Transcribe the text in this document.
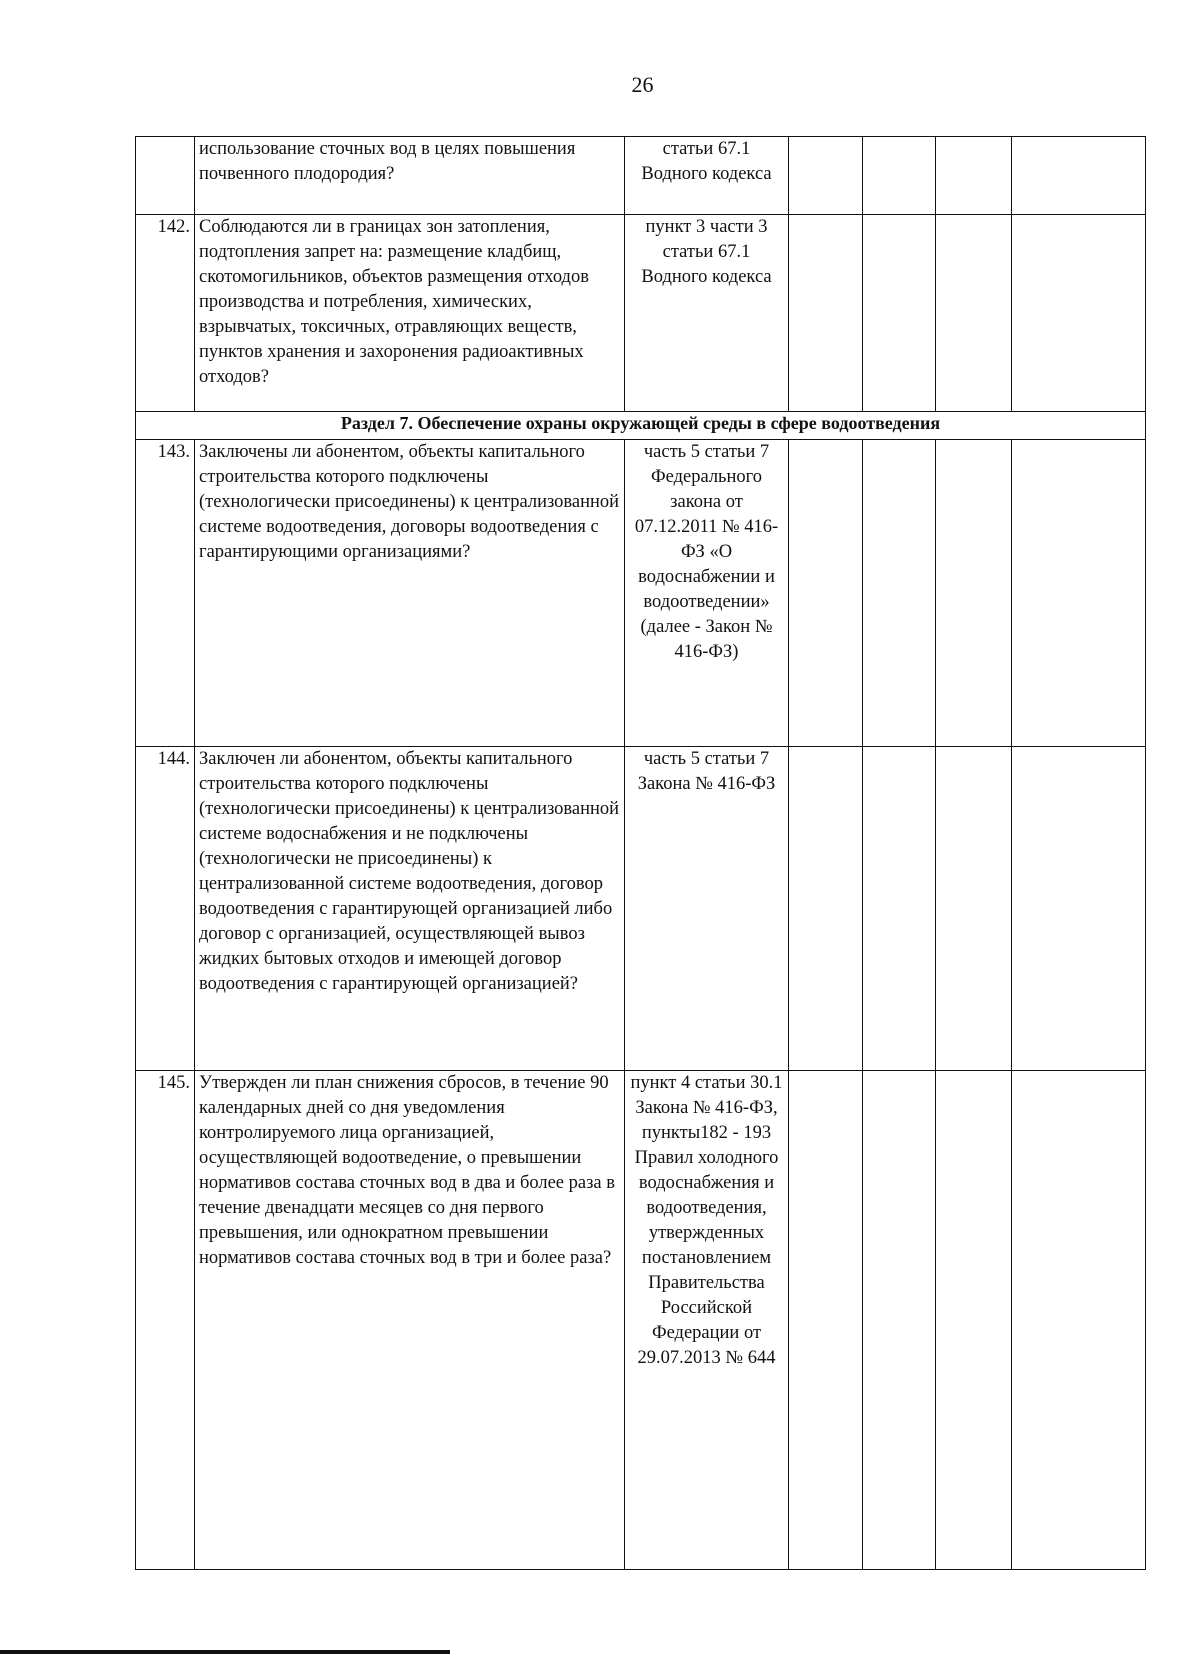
26
	использование сточных вод в целях повышения почвенного плодородия?	статьи 67.1 Водного кодекса				
142.	Соблюдаются ли в границах зон затопления, подтопления запрет на: размещение кладбищ, скотомогильников, объектов размещения отходов производства и потребления, химических, взрывчатых, токсичных, отравляющих веществ, пунктов хранения и захоронения радиоактивных отходов?	пункт 3 части 3 статьи 67.1 Водного кодекса				
Раздел 7. Обеспечение охраны окружающей среды в сфере водоотведения						
143.	Заключены ли абонентом, объекты капитального строительства которого подключены (технологически присоединены) к централизованной системе водоотведения, договоры водоотведения с гарантирующими организациями?	часть 5 статьи 7 Федерального закона от 07.12.2011 № 416-ФЗ «О водоснабжении и водоотведении» (далее - Закон № 416-ФЗ)				
144.	Заключен ли абонентом, объекты капитального строительства которого подключены (технологически присоединены) к централизованной системе водоснабжения и не подключены (технологически не присоединены) к централизованной системе водоотведения, договор водоотведения с гарантирующей организацией либо договор с организацией, осуществляющей вывоз жидких бытовых отходов и имеющей договор водоотведения с гарантирующей организацией?	часть 5 статьи 7 Закона № 416-ФЗ				
145.	Утвержден ли план снижения сбросов, в течение 90 календарных дней со дня уведомления контролируемого лица организацией, осуществляющей водоотведение, о превышении нормативов состава сточных вод в два и более раза в течение двенадцати месяцев со дня первого превышения, или однократном превышении нормативов состава сточных вод в три и более раза?	пункт 4 статьи 30.1 Закона № 416-ФЗ, пункты182 - 193 Правил холодного водоснабжения и водоотведения, утвержденных постановлением Правительства Российской Федерации от 29.07.2013 № 644				
